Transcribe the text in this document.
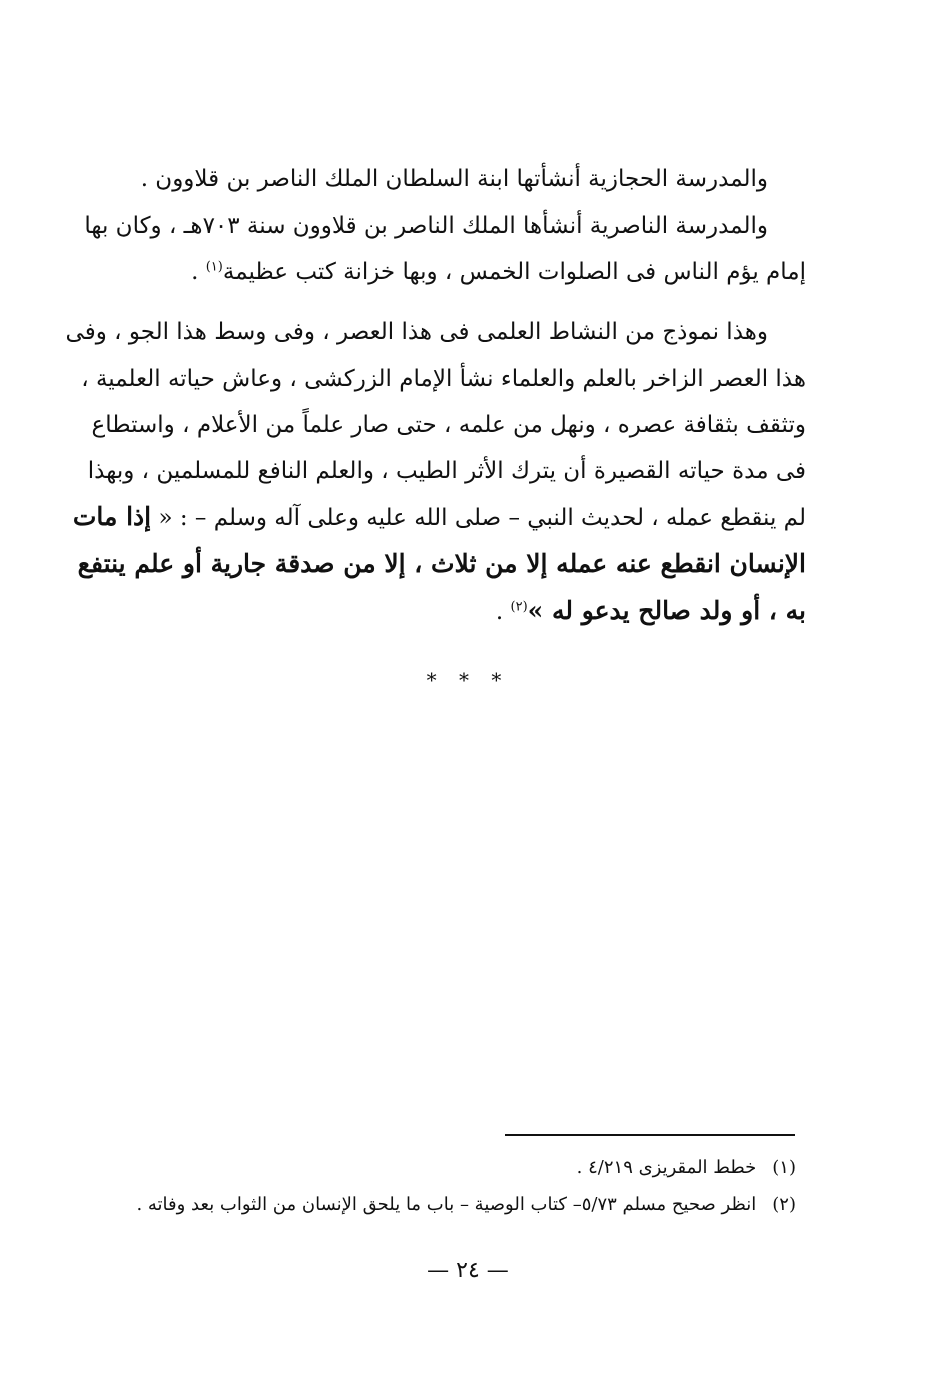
والمدرسة الحجازية أنشأتها ابنة السلطان الملك الناصر بن قلاوون .
والمدرسة الناصرية أنشأها الملك الناصر بن قلاوون سنة ٧٠٣هـ ، وكان بها
إمام يؤم الناس فى الصلوات الخمس ، وبها خزانة كتب عظيمة$^{(١)}$ .
وهذا نموذج من النشاط العلمى فى هذا العصر ، وفى وسط هذا الجو ، وفى
هذا العصر الزاخر بالعلم والعلماء نشأ الإمام الزركشى ، وعاش حياته العلمية ،
وتثقف بثقافة عصره ، ونهل من علمه ، حتى صار علماً من الأعلام ، واستطاع
فى مدة حياته القصيرة أن يترك الأثر الطيب ، والعلم النافع للمسلمين ، وبهذا
لم ينقطع عمله ، لحديث النبي – صلى الله عليه وعلى آله وسلم – : « إذا مات
الإنسان انقطع عنه عمله إلا من ثلاث ، إلا من صدقة جارية أو علم ينتفع
به ، أو ولد صالح يدعو له »$^{(٢)}$ .
* * *
(١) خطط المقريزى ٤/٢١٩ .
(٢) انظر صحيح مسلم ٥/٧٣– كتاب الوصية – باب ما يلحق الإنسان من الثواب بعد وفاته .
— ٢٤ —
